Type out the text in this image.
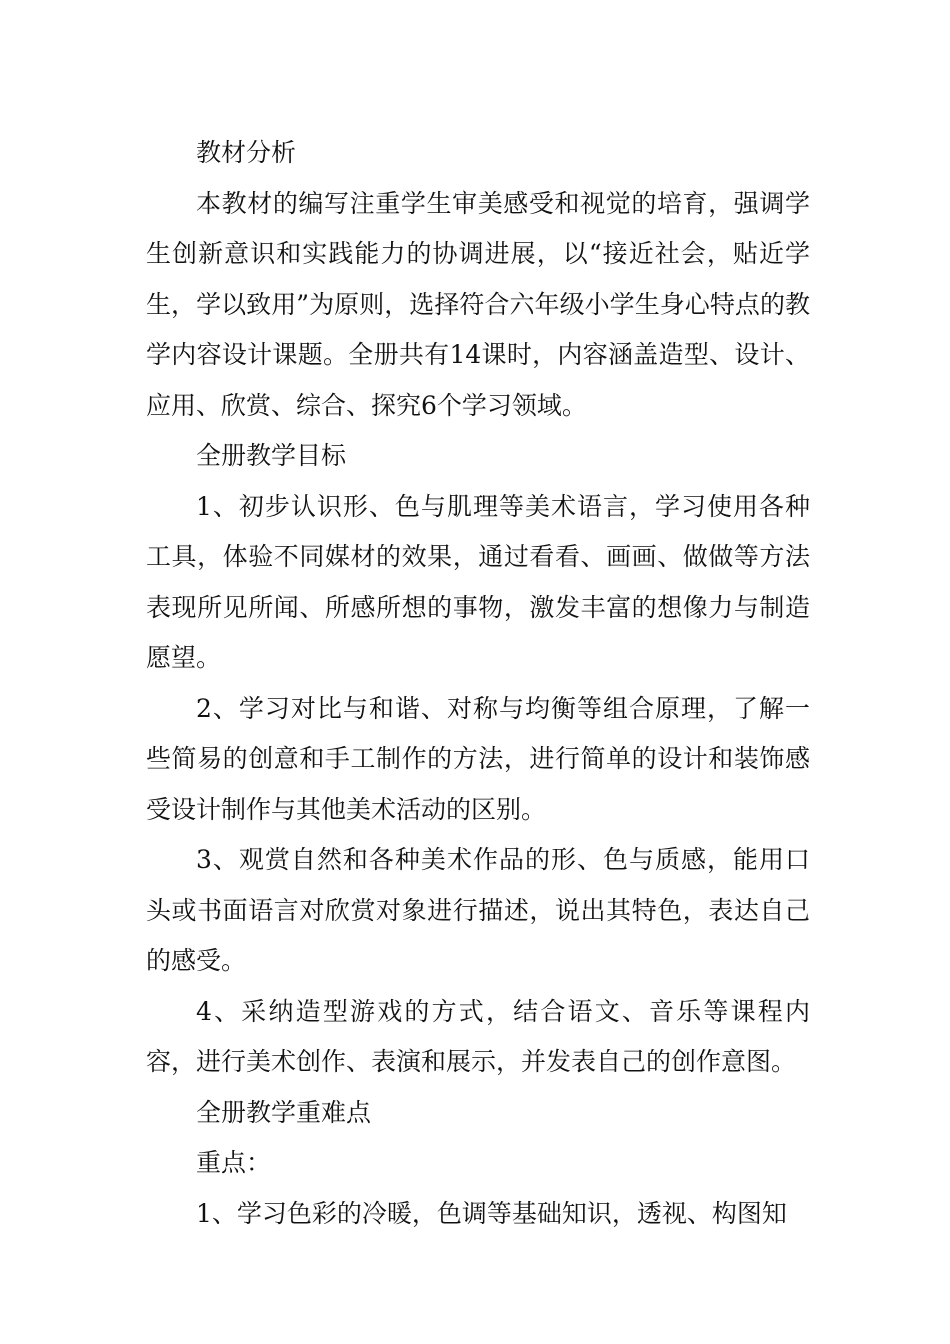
教材分析

本教材的编写注重学生审美感受和视觉的培育，强调学生创新意识和实践能力的协调进展，以“接近社会，贴近学生，学以致用”为原则，选择符合六年级小学生身心特点的教学内容设计课题。全册共有14课时，内容涵盖造型、设计、应用、欣赏、综合、探究6个学习领域。

全册教学目标

1、初步认识形、色与肌理等美术语言，学习使用各种工具，体验不同媒材的效果，通过看看、画画、做做等方法表现所见所闻、所感所想的事物，激发丰富的想像力与制造愿望。

2、学习对比与和谐、对称与均衡等组合原理，了解一些简易的创意和手工制作的方法，进行简单的设计和装饰感受设计制作与其他美术活动的区别。

3、观赏自然和各种美术作品的形、色与质感，能用口头或书面语言对欣赏对象进行描述，说出其特色，表达自己的感受。

4、采纳造型游戏的方式，结合语文、音乐等课程内容，进行美术创作、表演和展示，并发表自己的创作意图。

全册教学重难点

重点：

1、学习色彩的冷暖，色调等基础知识，透视、构图知
